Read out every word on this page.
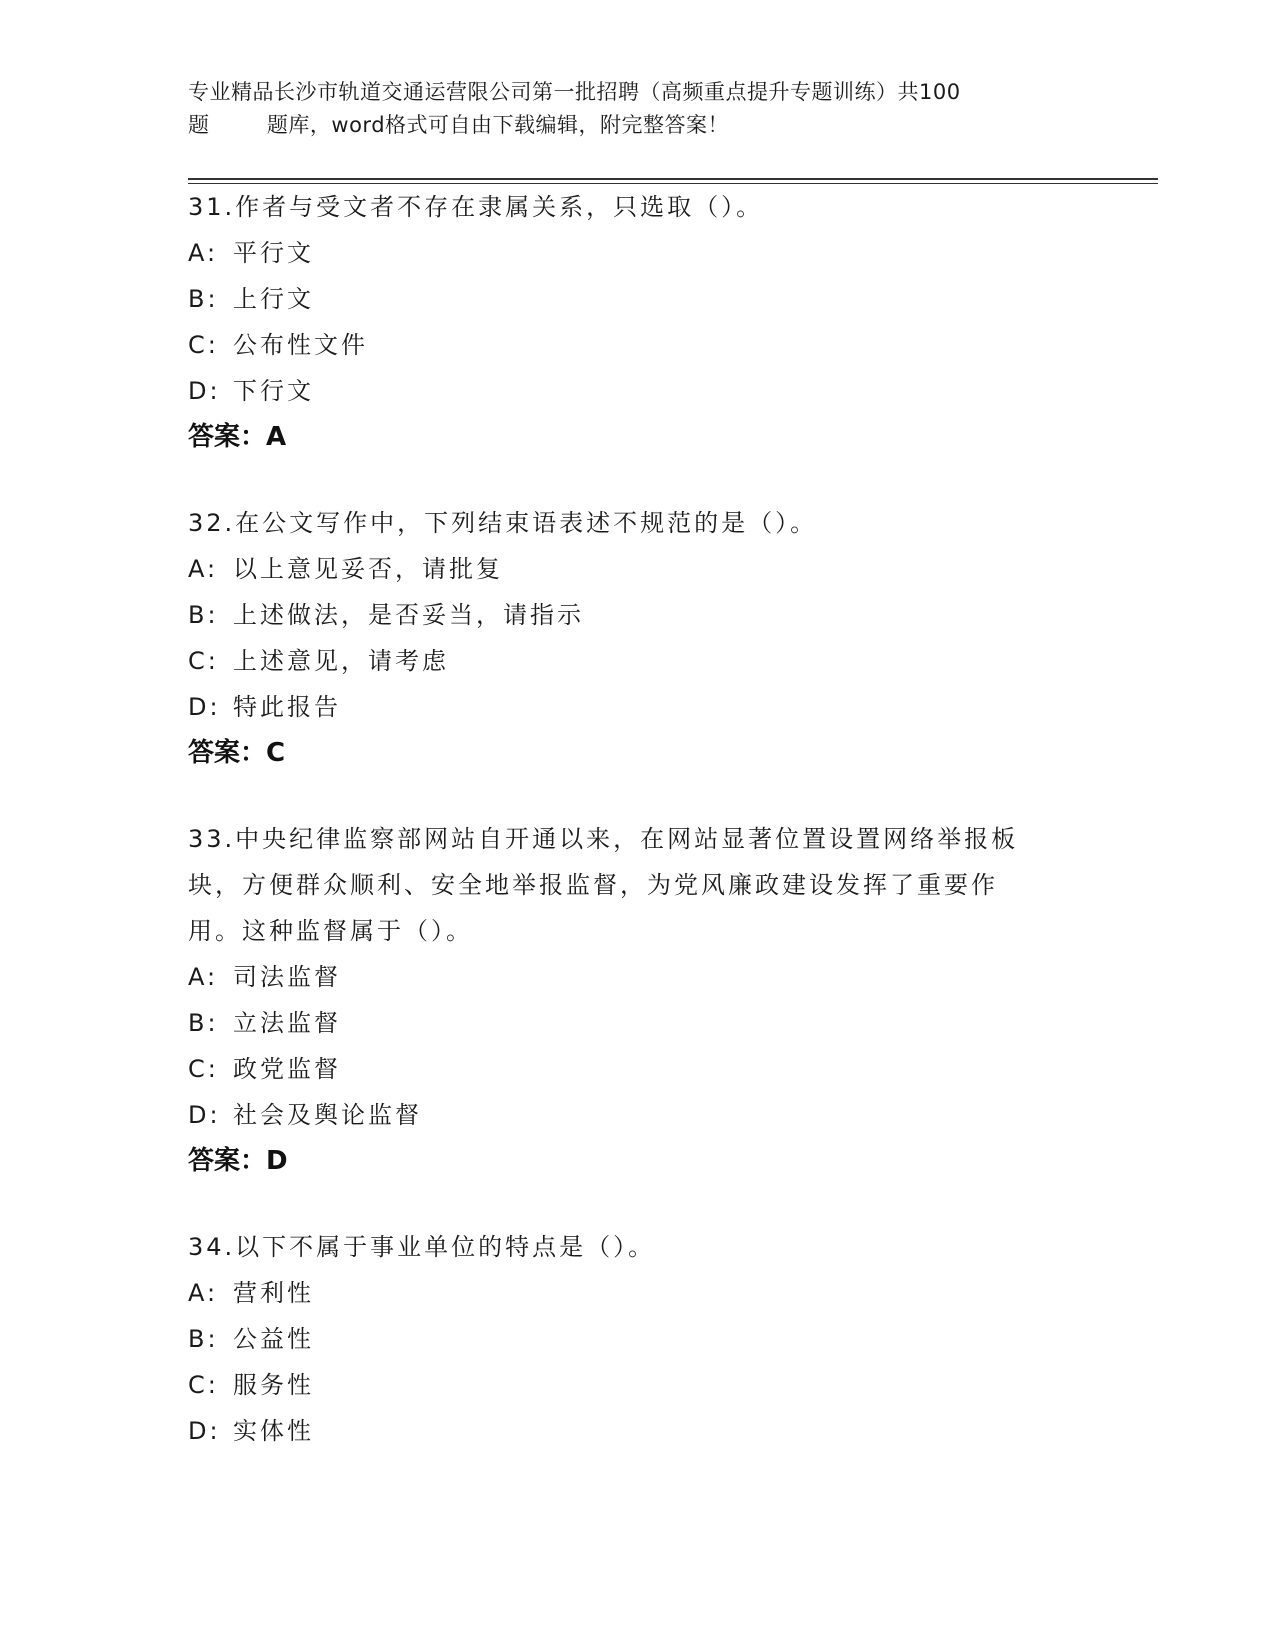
专业精品长沙市轨道交通运营限公司第一批招聘（高频重点提升专题训练）共100
题        题库，word格式可自由下载编辑，附完整答案！

31.作者与受文者不存在隶属关系，只选取（）。

A: 平行文

B: 上行文

C: 公布性文件

D: 下行文

答案：A

32.在公文写作中，下列结束语表述不规范的是（）。

A: 以上意见妥否，请批复

B: 上述做法，是否妥当，请指示

C: 上述意见，请考虑

D: 特此报告

答案：C

33.中央纪律监察部网站自开通以来，在网站显著位置设置网络举报板

块，方便群众顺利、安全地举报监督，为党风廉政建设发挥了重要作

用。这种监督属于（）。

A: 司法监督

B: 立法监督

C: 政党监督

D: 社会及舆论监督

答案：D

34.以下不属于事业单位的特点是（）。

A: 营利性

B: 公益性

C: 服务性

D: 实体性
